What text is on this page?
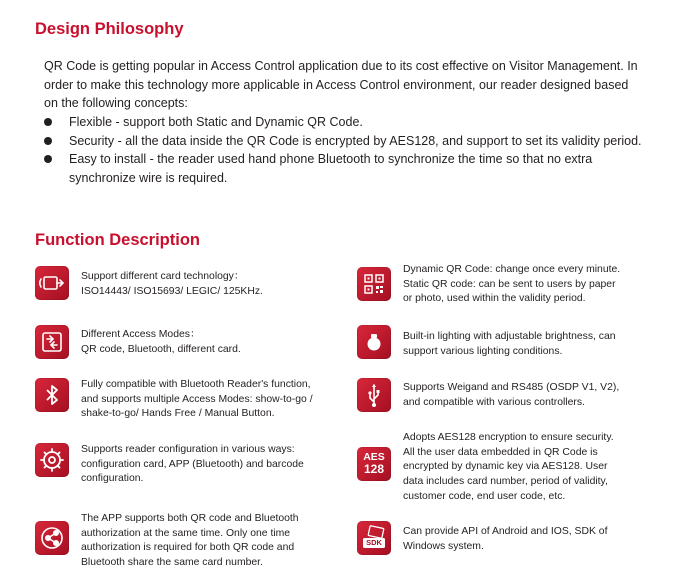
Design Philosophy
QR Code is getting popular in Access Control application due to its cost effective on Visitor Management. In order to make this technology more applicable in Access Control environment, our reader designed based on the following concepts:
Flexible - support both Static and Dynamic QR Code.
Security - all the data inside the QR Code is encrypted by AES128, and support to set its validity period.
Easy to install - the reader used hand phone Bluetooth to synchronize the time so that no extra synchronize wire is required.
Function Description
Support different card technology：
ISO14443/ ISO15693/ LEGIC/ 125KHz.
Different Access Modes：
QR code, Bluetooth, different card.
Fully compatible with Bluetooth Reader's function,
and supports multiple Access Modes: show-to-go /
shake-to-go/ Hands Free / Manual Button.
Supports reader configuration in various ways:
configuration card, APP (Bluetooth) and barcode
configuration.
The APP supports both QR code and Bluetooth
authorization at the same time. Only one time
authorization is required for both QR code and
Bluetooth share the same card number.
Dynamic QR Code: change once every minute.
Static QR code: can be sent to users by paper
or photo, used within the validity period.
Built-in lighting with adjustable brightness, can
support various lighting conditions.
Supports Weigand and RS485 (OSDP V1, V2),
and compatible with various controllers.
AES
128
Adopts AES128 encryption to ensure security.
All the user data embedded in QR Code is
encrypted by dynamic key via AES128. User
data includes card number, period of validity,
customer code, end user code, etc.
SDK
Can provide API of Android and IOS, SDK of
Windows system.
